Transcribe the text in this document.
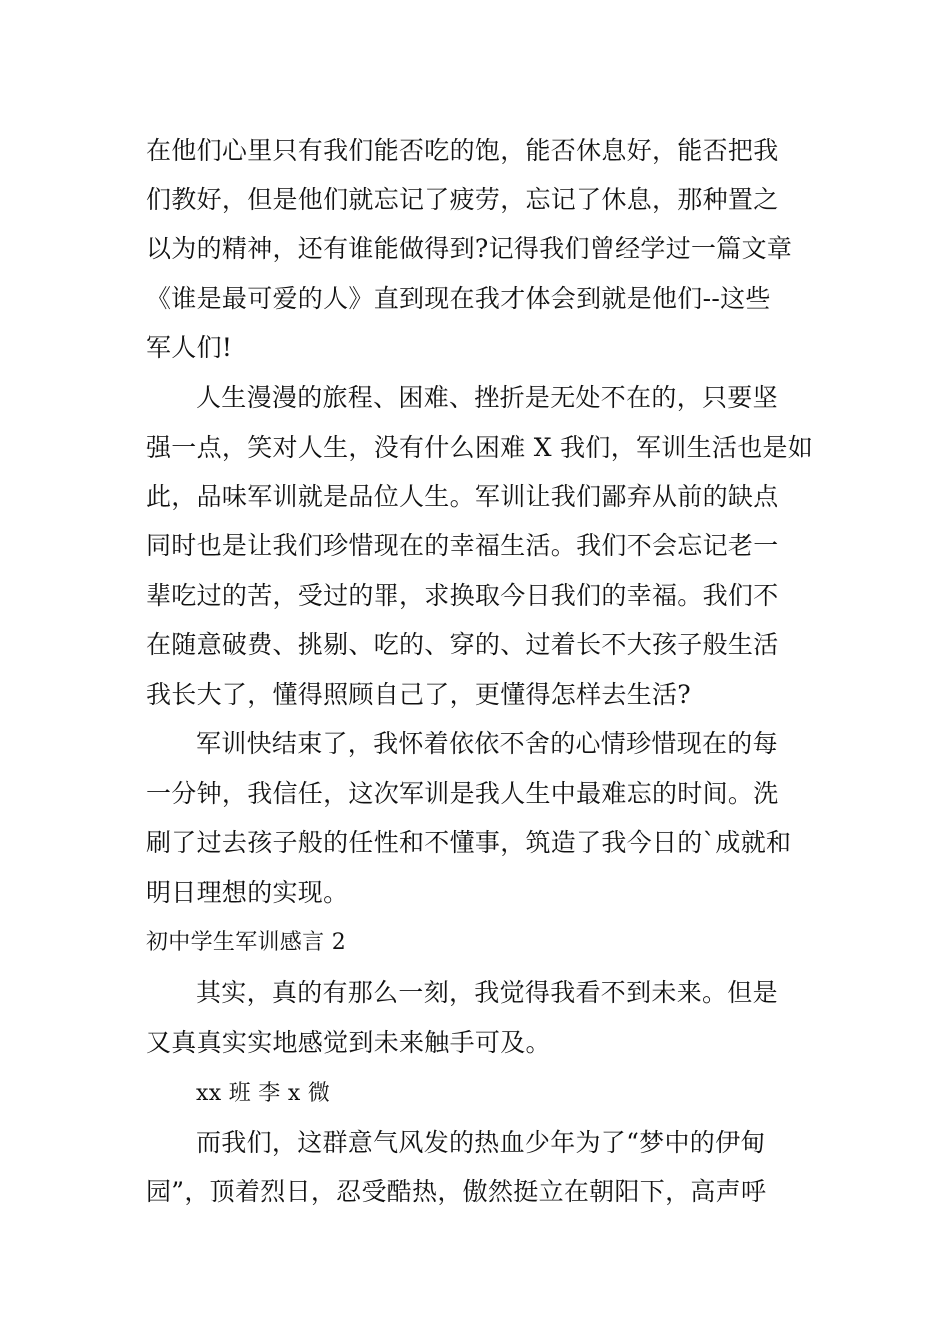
在他们心里只有我们能否吃的饱，能否休息好，能否把我
们教好，但是他们就忘记了疲劳，忘记了休息，那种置之
以为的精神，还有谁能做得到?记得我们曾经学过一篇文章
《谁是最可爱的人》直到现在我才体会到就是他们--这些
军人们!
人生漫漫的旅程、困难、挫折是无处不在的，只要坚
强一点，笑对人生，没有什么困难 X 我们，军训生活也是如
此，品味军训就是品位人生。军训让我们鄙弃从前的缺点
同时也是让我们珍惜现在的幸福生活。我们不会忘记老一
辈吃过的苦，受过的罪，求换取今日我们的幸福。我们不
在随意破费、挑剔、吃的、穿的、过着长不大孩子般生活
我长大了，懂得照顾自己了，更懂得怎样去生活?
军训快结束了，我怀着依依不舍的心情珍惜现在的每
一分钟，我信任，这次军训是我人生中最难忘的时间。洗
刷了过去孩子般的任性和不懂事，筑造了我今日的`成就和
明日理想的实现。
初中学生军训感言 2
其实，真的有那么一刻，我觉得我看不到未来。但是
又真真实实地感觉到未来触手可及。
xx 班 李 x 微
而我们，这群意气风发的热血少年为了“梦中的伊甸
园”，顶着烈日，忍受酷热，傲然挺立在朝阳下，高声呼
